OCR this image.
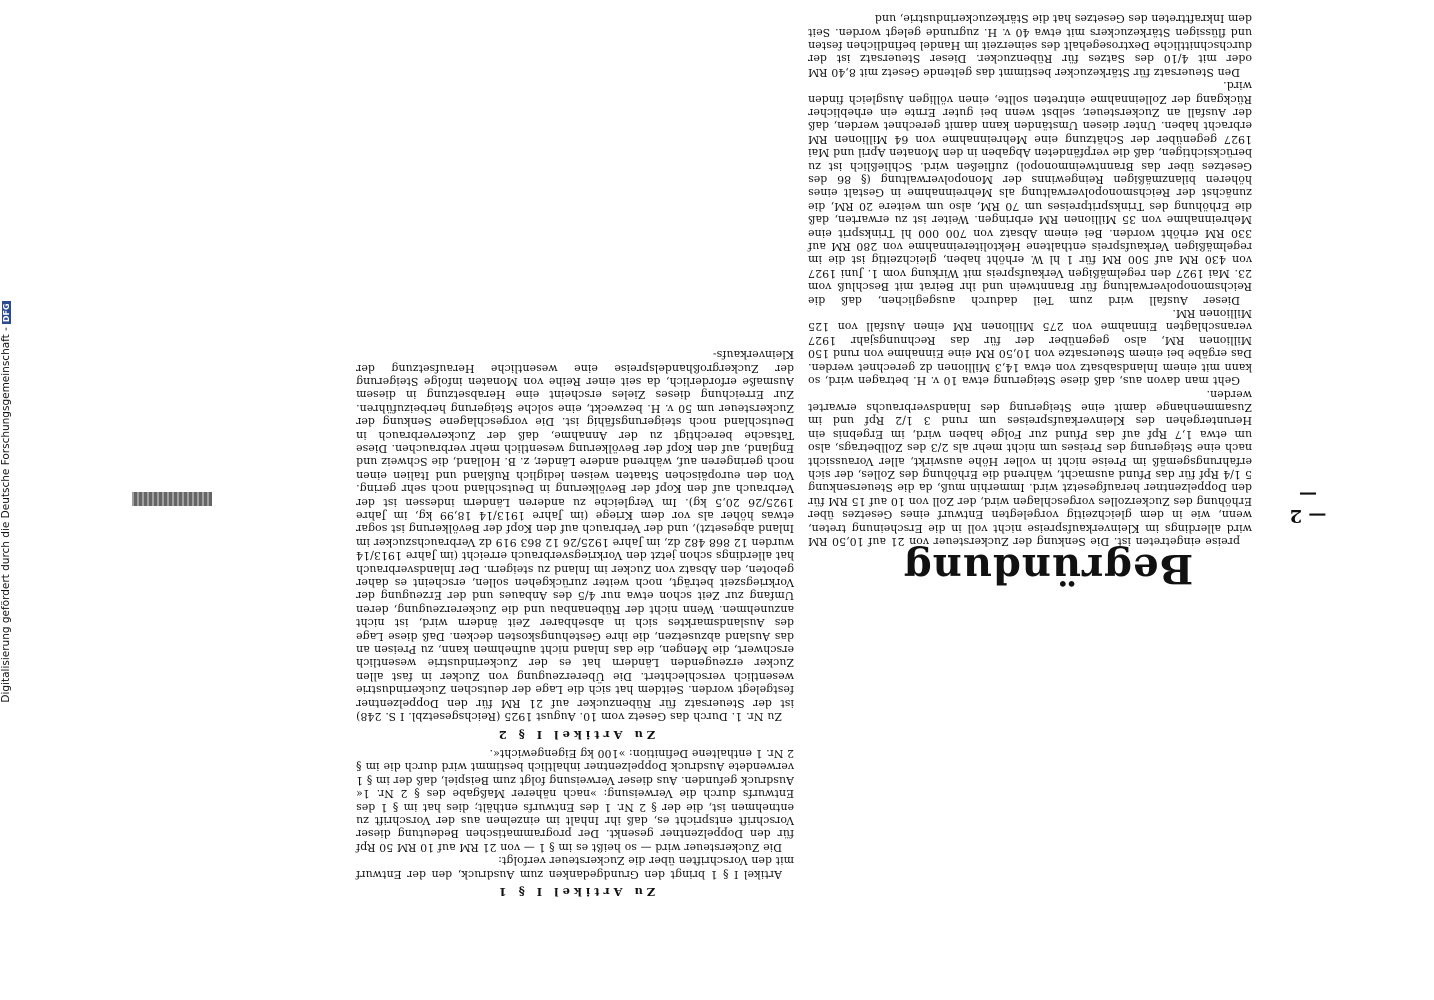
Begründung
— 2 —
Zu Artikel I § 1

Artikel I § 1 bringt den Grundgedanken zum Ausdruck, den der Entwurf mit den Vorschriften über die Zuckersteuer verfolgt:

Die Zuckersteuer wird — so heißt es im § 1 — von 21 RM auf 10 RM 50 Rpf für den Doppelzentner gesenkt. Der programmatischen Bedeutung dieser Vorschrift entspricht es, daß ihr Inhalt im einzelnen aus der Vorschrift zu entnehmen ist, die der § 2 Nr. 1 des Entwurfs enthält; dies hat im § 1 des Entwurfs durch die Verweisung: »nach näherer Maßgabe des § 2 Nr. 1« Ausdruck gefunden. Aus dieser Verweisung folgt zum Beispiel, daß der im § 1 verwendete Ausdruck Doppelzentner inhaltlich bestimmt wird durch die im § 2 Nr. 1 enthaltene Definition: »100 kg Eigengewicht«.

Zu Artikel I § 2

Zu Nr. 1. Durch das Gesetz vom 10. August 1925 (Reichsgesetzbl. I S. 248) ist der Steuersatz für Rübenzucker auf 21 RM für den Doppelzentner festgelegt worden. Seitdem hat sich die Lage der deutschen Zuckerindustrie wesentlich verschlechtert. Die Übererzeugung von Zucker in fast allen Zucker erzeugenden Ländern hat es der Zuckerindustrie wesentlich erschwert, die Mengen, die das Inland nicht aufnehmen kann, zu Preisen an das Ausland abzusetzen, die ihre Gestehungskosten decken. Daß diese Lage des Auslandsmarktes sich in absehbarer Zeit ändern wird, ist nicht anzunehmen. Wenn nicht der Rübenanbau und die Zuckererzeugung, deren Umfang zur Zeit schon etwa nur 4/5 des Anbaues und der Erzeugung der Vorkriegszeit beträgt, noch weiter zurückgehen sollen, erscheint es daher geboten, den Absatz von Zucker im Inland zu steigern. Der Inlandsverbrauch hat allerdings schon jetzt den Vorkriegsverbrauch erreicht (im Jahre 1913/14 wurden 12 868 482 dz, im Jahre 1925/26 12 863 919 dz Verbrauchszucker im Inland abgesetzt), und der Verbrauch auf den Kopf der Bevölkerung ist sogar etwas höher als vor dem Kriege (im Jahre 1913/14 18,99 kg, im Jahre 1925/26 20,5 kg). Im Vergleiche zu anderen Ländern indessen ist der Verbrauch auf den Kopf der Bevölkerung in Deutschland noch sehr gering. Von den europäischen Staaten weisen lediglich Rußland und Italien einen noch geringeren auf, während andere Länder, z. B. Holland, die Schweiz und England, auf den Kopf der Bevölkerung wesentlich mehr verbrauchen. Diese Tatsache berechtigt zu der Annahme, daß der Zuckerverbrauch in Deutschland noch steigerungsfähig ist. Die vorgeschlagene Senkung der Zuckersteuer um 50 v. H. bezweckt, eine solche Steigerung herbeizuführen. Zur Erreichung dieses Zieles erscheint eine Herabsetzung in diesem Ausmaße erforderlich, da seit einer Reihe von Monaten infolge Steigerung der Zuckergroßhandelspreise eine wesentliche Heraufsetzung der Kleinverkaufs-

preise eingetreten ist. Die Senkung der Zuckersteuer von 21 auf 10,50 RM wird allerdings im Kleinverkaufspreise nicht voll in die Erscheinung treten, wenn, wie in dem gleichzeitig vorgelegten Entwurf eines Gesetzes über Erhöhung des Zuckerzolles vorgeschlagen wird, der Zoll von 10 auf 15 RM für den Doppelzentner heraufgesetzt wird. Immerhin muß, da die Steuersenkung 5 1/4 Rpf für das Pfund ausmacht, während die Erhöhung des Zolles, der sich erfahrungsgemäß im Preise nicht in voller Höhe auswirkt, aller Voraussicht nach eine Steigerung des Preises um nicht mehr als 2/3 des Zollbetrags, also um etwa 1,7 Rpf auf das Pfund zur Folge haben wird, im Ergebnis ein Heruntergehen des Kleinverkaufspreises um rund 3 1/2 Rpf und im Zusammenhange damit eine Steigerung des Inlandsverbrauchs erwartet werden.

Geht man davon aus, daß diese Steigerung etwa 10 v. H. betragen wird, so kann mit einem Inlandsabsatz von etwa 14,3 Millionen dz gerechnet werden. Das ergäbe bei einem Steuersatze von 10,50 RM eine Einnahme von rund 150 Millionen RM, also gegenüber der für das Rechnungsjahr 1927 veranschlagten Einnahme von 275 Millionen RM einen Ausfall von 125 Millionen RM.

Dieser Ausfall wird zum Teil dadurch ausgeglichen, daß die Reichsmonopolverwaltung für Branntwein und ihr Beirat mit Beschluß vom 23. Mai 1927 den regelmäßigen Verkaufspreis mit Wirkung vom 1. Juni 1927 von 430 RM auf 500 RM für 1 hl W. erhöht haben, gleichzeitig ist die im regelmäßigen Verkaufspreis enthaltene Hektolitereinnahme von 280 RM auf 330 RM erhöht worden. Bei einem Absatz von 700 000 hl Trinksprit eine Mehreinnahme von 35 Millionen RM erbringen. Weiter ist zu erwarten, daß die Erhöhung des Trinkspritpreises um 70 RM, also um weitere 20 RM, die zunächst der Reichsmonopolverwaltung als Mehreinnahme in Gestalt eines höheren bilanzmäßigen Reingewinns der Monopolverwaltung (§ 86 des Gesetzes über das Branntweinmonopol) zufließen wird. Schließlich ist zu berücksichtigen, daß die verpfändeten Abgaben in den Monaten April und Mai 1927 gegenüber der Schätzung eine Mehreinnahme von 64 Millionen RM erbracht haben. Unter diesen Umständen kann damit gerechnet werden, daß der Ausfall an Zuckersteuer, selbst wenn bei guter Ernte ein erheblicher Rückgang der Zolleinnahme eintreten sollte, einen völligen Ausgleich finden wird.

Den Steuersatz für Stärkezucker bestimmt das geltende Gesetz mit 8,40 RM oder mit 4/10 des Satzes für Rübenzucker. Dieser Steuersatz ist der durchschnittliche Dextrosegehalt des seinerzeit im Handel befindlichen festen und flüssigen Stärkezuckers mit etwa 40 v. H. zugrunde gelegt worden. Seit dem Inkrafttreten des Gesetzes hat die Stärkezuckerindustrie, und

Digitalisierung gefördert durch die Deutsche Forschungsgemeinschaft -DFG
